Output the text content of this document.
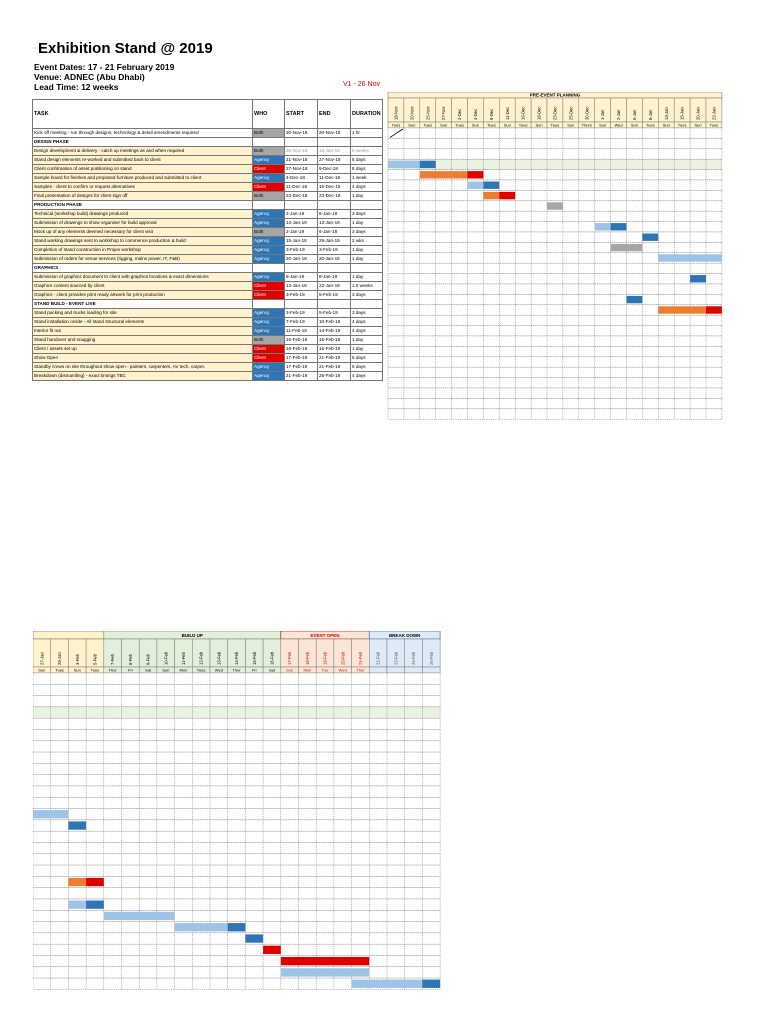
Exhibition Stand @ 2019
Event Dates: 17 - 21 February 2019
Venue: ADNEC (Abu Dhabi)
Lead Time: 12 weeks	V1 - 26 Nov
TASK	WHO	START	END	DURATION
Kick off meeting - run through designs, technology & detail amendments required	Both	20-Nov-18	20-Nov-18	1 hr
DESIGN PHASE				
Design development & delivery - catch up meetings as and when required	Both	25-Nov-18	18-Jan-19	8 weeks
Stand design elements re-worked and submitted back to client	Agency	21-Nov-18	27-Nov-18	5 days
Client confirmation of asset positioning on stand	Client	27-Nov-18	9-Dec-18	8 days
Sample board for finishes and proposed furniture produced and submitted to client	Agency	4-Dec-18	11-Dec-18	1 week
Samples - client to confirm or request alternatives	Client	11-Dec-18	16-Dec-18	4 days
Final presentation of designs for client sign off	Both	23-Dec-18	23-Dec-18	1 day
PRODUCTION PHASE				
Technical (workshop build) drawings produced	Agency	2-Jan-19	6-Jan-18	3 days
Submission of drawings to show organiser for build approval	Agency	13-Jan-19	13-Jan-19	1 day
Mock up of any elements deemed necessary for client visit	Both	2-Jan-19	6-Jan-18	3 days
Stand working drawings sent to workshop to commence production & build	Agency	15-Jan-18	29-Jan-19	2 wks
Completion of stand construction in Projex workshop	Agency	3-Feb-19	3-Feb-19	1 day
Submission of orders for venue services (rigging, mains power, IT, F&B)	Agency	20-Jan-19	20-Jan-18	1 day
GRAPHICS				
Submission of graphics document to client with graphics locations & exact dimensions	Agency	8-Jan-19	8-Jan-19	1 day
Graphics content sourced by client	Client	13-Jan-19	22-Jan-19	1.5 weeks
Graphics - client provides print ready artwork for print production	Client	3-Feb-19	5-Feb-19	3 days
STAND BUILD - EVENT LIVE				
Stand packing and trucks loading for site	Agency	3-Feb-19	5-Feb-19	3 days
Stand installation onsite - All stand structural elements	Agency	7-Feb-19	10-Feb-19	4 days
Interior fit out	Agency	11-Feb-19	14-Feb-19	4 days
Stand handover and snagging	Both	15-Feb-19	15-Feb-19	1 day
Client / assets set up	Client	16-Feb-19	16-Feb-19	1 day
Show Open	Client	17-Feb-19	21-Feb-19	5 days
Standby crews on site throughout show open - painters, carpenters, AV tech, carpet.	Agency	17-Feb-19	21-Feb-19	5 days
Breakdown (dismantling) - exact timings TBC	Agency	21-Feb-19	25-Feb-19	4 days
PRE-EVENT PLANNING
18-Nov
Tues
20-Nov
Sun
25-Nov
Tues
27-Nov
Sun
2-Dec
Tues
4-Dec
Sun
9-Dec
Tues
11-Dec
Sun
16-Dec
Tues
18-Dec
Sun
23-Dec
Tues
25-Dec
Sun
30-Dec
Thurs
1-Jan
Sun
2-Jan
Wed
6-Jan
Sun
8-Jan
Tues
13-Jan
Sun
15-Jan
Tues
20-Jan
Sun
22-Jan
Tues
BUILD UP	EVENT OPEN	BREAK DOWN
27-Jan
Sun
29-Jan
Tues
3-Feb
Sun
5-Feb
Tues
7-Feb
Thur
8-Feb
Fri
9-Feb
Sat
10-Feb
Sun
11-Feb
Mon
12-Feb
Tues
13-Feb
Wed
14-Feb
Thur
15-Feb
Fri
16-Feb
Sat
17-Feb
Sun
18-Feb
Mon
19-Feb
Tue
20-Feb
Wed
21-Feb
Thur
22-Feb	23-Feb	24-Feb	25-Feb
